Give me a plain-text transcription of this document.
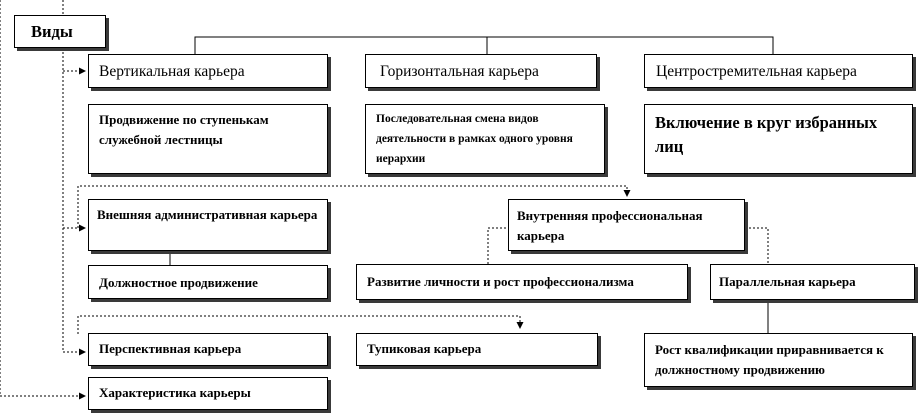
Виды
Вертикальная карьера	Горизонтальная карьера	Центростремительная карьера
Продвижение по ступенькам служебной лестницы
Последовательная смена видов деятельности в рамках одного уровня иерархии
Включение в круг избранных лиц
Внешняя административная карьера	Внутренняя профессиональная карьера
Должностное продвижение	Развитие личности и рост профессионализма	Параллельная карьера
Перспективная карьера	Тупиковая карьера	Рост квалификации приравнивается к должностному продвижению
Характеристика карьеры
